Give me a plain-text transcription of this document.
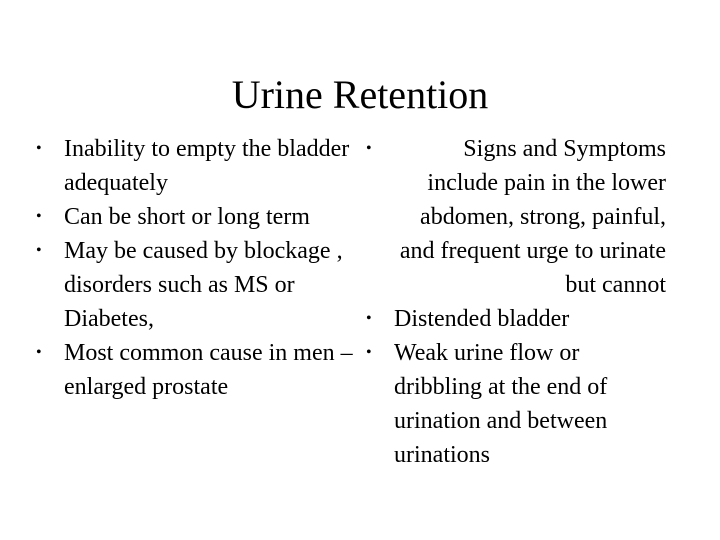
Urine Retention
• Inability to empty the bladder adequately
• Can be short or long term
• May be caused by blockage , disorders such as MS or Diabetes,
• Most common cause in men –enlarged prostate
•	Signs and Symptoms include pain in the lower abdomen, strong, painful, and frequent urge to urinate but cannot
• Distended bladder
• Weak urine flow or dribbling at the end of urination and between urinations
